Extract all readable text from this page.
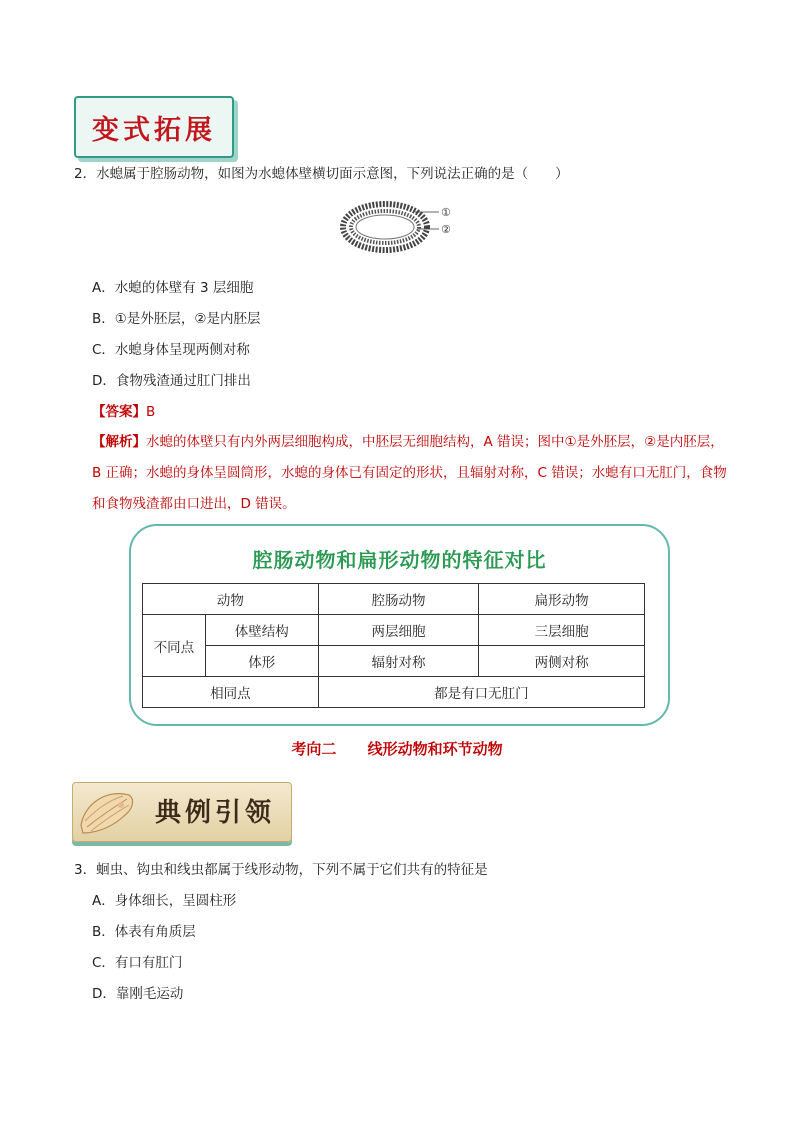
变式拓展
2．水螅属于腔肠动物，如图为水螅体壁横切面示意图，下列说法正确的是（　　）
①
②
A．水螅的体壁有 3 层细胞
B．①是外胚层，②是内胚层
C．水螅身体呈现两侧对称
D．食物残渣通过肛门排出
【答案】B
【解析】水螅的体壁只有内外两层细胞构成，中胚层无细胞结构，A 错误；图中①是外胚层，②是内胚层，B 正确；水螅的身体呈圆筒形，水螅的身体已有固定的形状，且辐射对称，C 错误；水螅有口无肛门，食物和食物残渣都由口进出，D 错误。
腔肠动物和扁形动物的特征对比
动物		腔肠动物	扁形动物
不同点	体壁结构	两层细胞	三层细胞
	体形	辐射对称	两侧对称
相同点		都是有口无肛门	
考向二      线形动物和环节动物
典例引领
3．蛔虫、钩虫和线虫都属于线形动物，下列不属于它们共有的特征是
A．身体细长，呈圆柱形
B．体表有角质层
C．有口有肛门
D．靠刚毛运动
